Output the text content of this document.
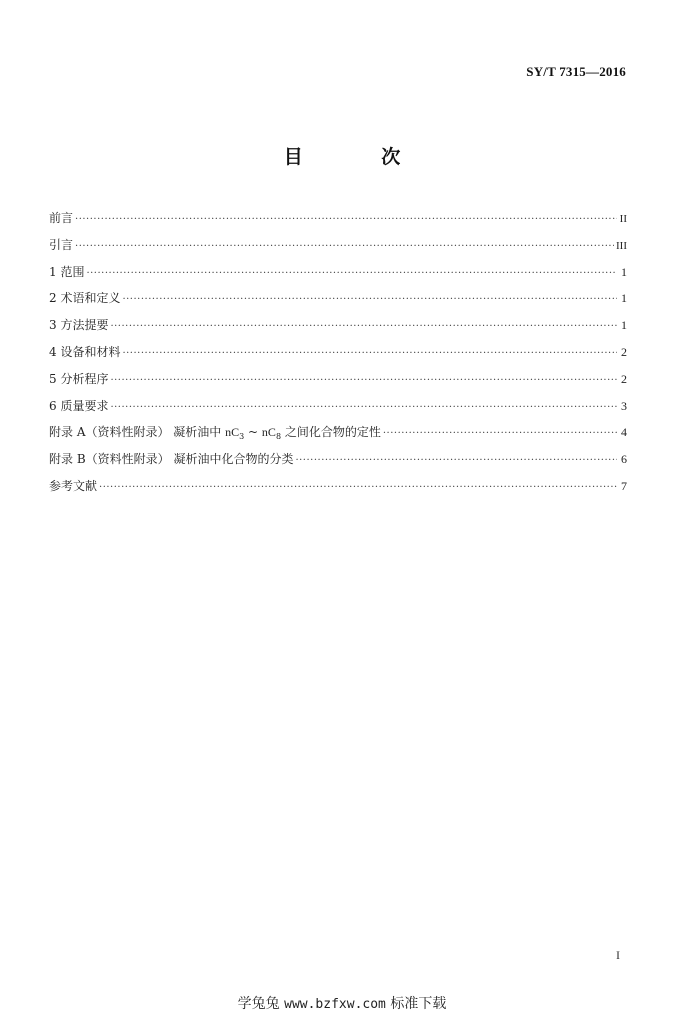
SY/T 7315—2016
目 次
前言 ·····	II
引言 ·····	III
1 范围 ·····	1
2 术语和定义 ·····	1
3 方法提要 ·····	1
4 设备和材料 ·····	2
5 分析程序 ·····	2
6 质量要求 ·····	3
附录 A（资料性附录） 凝析油中 $nC_3$ ~ $nC_8$ 之间化合物的定性 ·····	4
附录 B（资料性附录） 凝析油中化合物的分类 ·····	6
参考文献 ·····	7
I
学兔兔 www.bzfxw.com 标准下载
